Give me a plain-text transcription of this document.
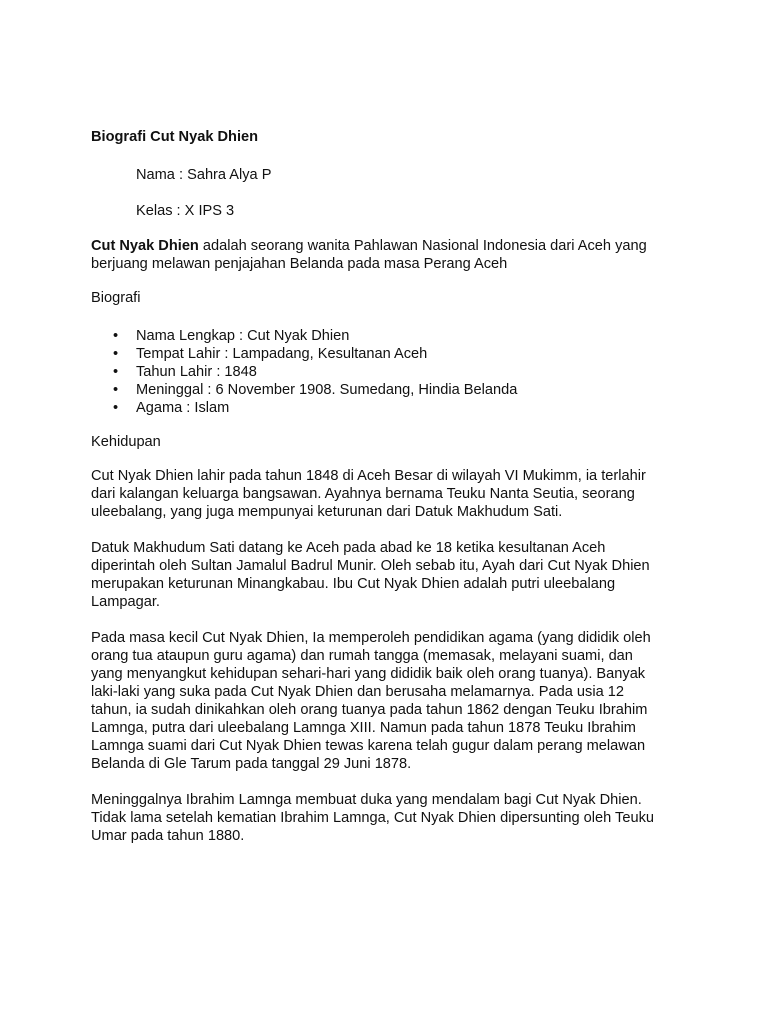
Biografi Cut Nyak Dhien
Nama : Sahra Alya P
Kelas : X IPS 3
Cut Nyak Dhien adalah seorang wanita Pahlawan Nasional Indonesia dari Aceh yang
berjuang melawan penjajahan Belanda pada masa Perang Aceh
Biografi
• Nama Lengkap : Cut Nyak Dhien
• Tempat Lahir : Lampadang, Kesultanan Aceh
• Tahun Lahir : 1848
• Meninggal : 6 November 1908. Sumedang, Hindia Belanda
• Agama : Islam
Kehidupan
Cut Nyak Dhien lahir pada tahun 1848 di Aceh Besar di wilayah VI Mukimm, ia terlahir
dari kalangan keluarga bangsawan. Ayahnya bernama Teuku Nanta Seutia, seorang
uleebalang, yang juga mempunyai keturunan dari Datuk Makhudum Sati.
Datuk Makhudum Sati datang ke Aceh pada abad ke 18 ketika kesultanan Aceh
diperintah oleh Sultan Jamalul Badrul Munir. Oleh sebab itu, Ayah dari Cut Nyak Dhien
merupakan keturunan Minangkabau. Ibu Cut Nyak Dhien adalah putri uleebalang
Lampagar.
Pada masa kecil Cut Nyak Dhien, Ia memperoleh pendidikan agama (yang dididik oleh
orang tua ataupun guru agama) dan rumah tangga (memasak, melayani suami, dan
yang menyangkut kehidupan sehari-hari yang dididik baik oleh orang tuanya). Banyak
laki-laki yang suka pada Cut Nyak Dhien dan berusaha melamarnya. Pada usia 12
tahun, ia sudah dinikahkan oleh orang tuanya pada tahun 1862 dengan Teuku Ibrahim
Lamnga, putra dari uleebalang Lamnga XIII. Namun pada tahun 1878 Teuku Ibrahim
Lamnga suami dari Cut Nyak Dhien tewas karena telah gugur dalam perang melawan
Belanda di Gle Tarum pada tanggal 29 Juni 1878.
Meninggalnya Ibrahim Lamnga membuat duka yang mendalam bagi Cut Nyak Dhien.
Tidak lama setelah kematian Ibrahim Lamnga, Cut Nyak Dhien dipersunting oleh Teuku
Umar pada tahun 1880.
